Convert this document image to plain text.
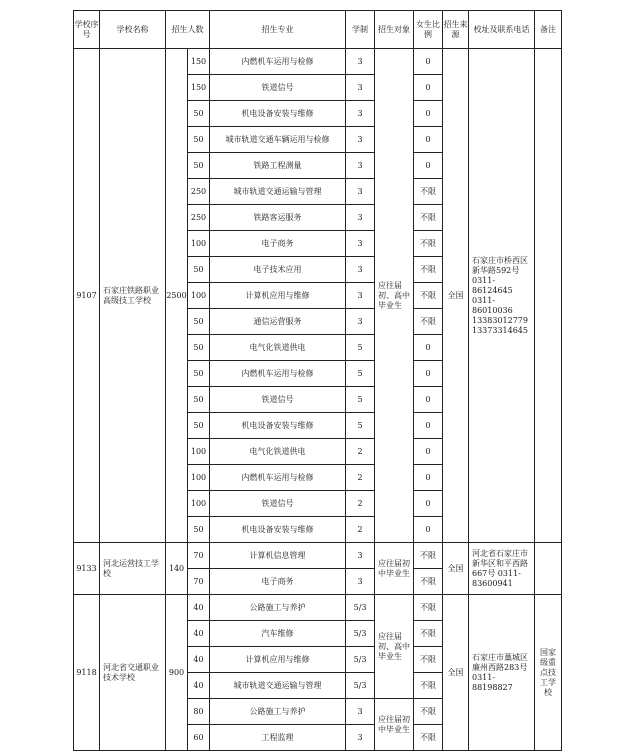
学校序号	学校名称	招生人数		招生专业	学制	招生对象	女生比例	招生来源	校址及联系电话	备注
9107	石家庄铁路职业高级技工学校	2500	150	内燃机车运用与检修	3	应往届初、高中毕业生	0	全国	石家庄市桥西区新华路592号 0311-86124645 0311-86010036 13383012779 13373314645	
			150	铁道信号	3		0			
			50	机电设备安装与维修	3		0			
			50	城市轨道交通车辆运用与检修	3		0			
			50	铁路工程测量	3		0			
			250	城市轨道交通运输与管理	3		不限			
			250	铁路客运服务	3		不限			
			100	电子商务	3		不限			
			50	电子技术应用	3		不限			
			100	计算机应用与维修	3		不限			
			50	通信运营服务	3		不限			
			50	电气化铁道供电	5		0			
			50	内燃机车运用与检修	5		0			
			50	铁道信号	5		0			
			50	机电设备安装与维修	5		0			
			100	电气化铁道供电	2		0			
			100	内燃机车运用与检修	2		0			
			100	铁道信号	2		0			
			50	机电设备安装与维修	2		0			
9133	河北运营技工学校	140	70	计算机信息管理	3	应往届初中毕业生	不限	全国	河北省石家庄市新华区和平西路667号 0311-83600941	
			70	电子商务	3		不限			
9118	河北省交通职业技术学校	900	40	公路施工与养护	5/3	应往届初、高中毕业生	不限	全国	石家庄市藁城区廉州西路283号 0311-88198827	国家级重点技工学校
			40	汽车维修	5/3		不限			
			40	计算机应用与维修	5/3		不限			
			40	城市轨道交通运输与管理	5/3		不限			
			80	公路施工与养护	3	应往届初中毕业生	不限			
			60	工程监理	3		不限			
